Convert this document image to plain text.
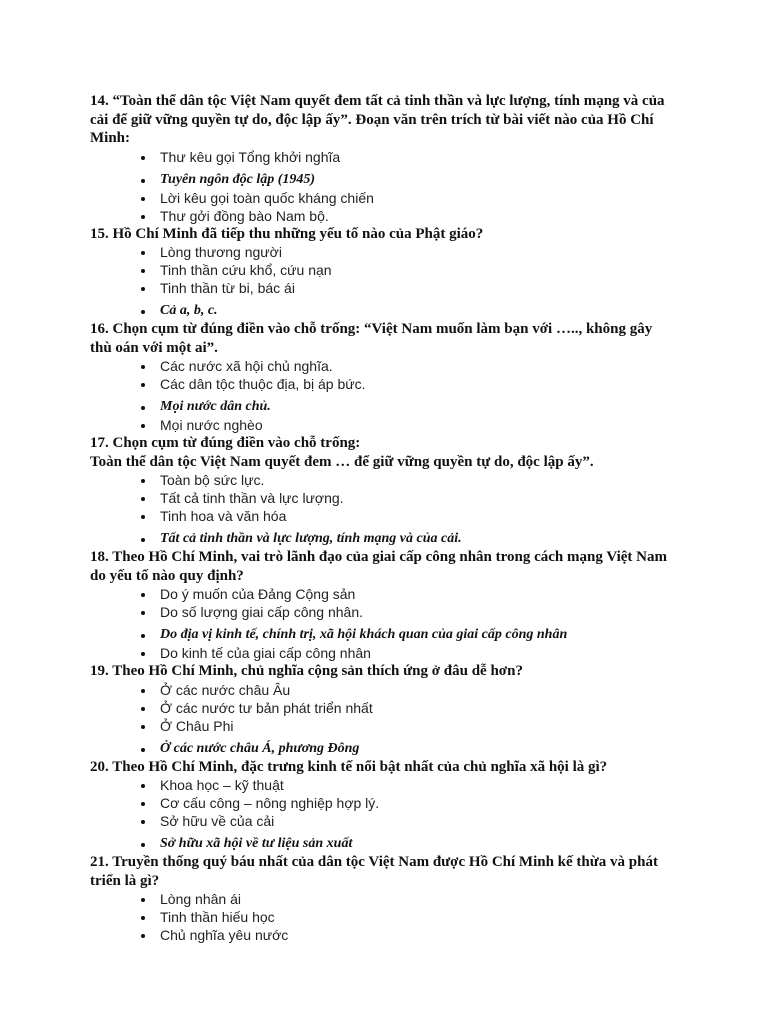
14. “Toàn thể dân tộc Việt Nam quyết đem tất cả tinh thần và lực lượng, tính mạng và của
cải để giữ vững quyền tự do, độc lập ấy”. Đoạn văn trên trích từ bài viết nào của Hồ Chí
Minh:
Thư kêu gọi Tổng khởi nghĩa
Tuyên ngôn độc lập (1945)
Lời kêu gọi toàn quốc kháng chiến
Thư gởi đồng bào Nam bộ.
15. Hồ Chí Minh đã tiếp thu những yếu tố nào của Phật giáo?
Lòng thương người
Tinh thần cứu khổ, cứu nạn
Tinh thần từ bi, bác ái
Cả a, b, c.
16. Chọn cụm từ đúng điền vào chỗ trống: “Việt Nam muốn làm bạn với ….., không gây
thù oán với một ai”.
Các nước xã hội chủ nghĩa.
Các dân tộc thuộc địa, bị áp bức.
Mọi nước dân chủ.
Mọi nước nghèo
17. Chọn cụm từ đúng điền vào chỗ trống:
Toàn thể dân tộc Việt Nam quyết đem … để giữ vững quyền tự do, độc lập ấy”.
Toàn bộ sức lực.
Tất cả tinh thần và lực lượng.
Tinh hoa và văn hóa
Tất cả tinh thần và lực lượng, tính mạng và của cải.
18. Theo Hồ Chí Minh, vai trò lãnh đạo của giai cấp công nhân trong cách mạng Việt Nam
do yếu tố nào quy định?
Do ý muốn của Đảng Cộng sản
Do số lượng giai cấp công nhân.
Do địa vị kinh tế, chính trị, xã hội khách quan của giai cấp công nhân
Do kinh tế của giai cấp công nhân
19. Theo Hồ Chí Minh, chủ nghĩa cộng sản thích ứng ở đâu dễ hơn?
Ở các nước châu Âu
Ở các nước tư bản phát triển nhất
Ở Châu Phi
Ở các nước châu Á, phương Đông
20. Theo Hồ Chí Minh, đặc trưng kinh tế nổi bật nhất của chủ nghĩa xã hội là gì?
Khoa học – kỹ thuật
Cơ cấu công – nông nghiệp hợp lý.
Sở hữu về của cải
Sở hữu xã hội về tư liệu sản xuất
21. Truyền thống quý báu nhất của dân tộc Việt Nam được Hồ Chí Minh kế thừa và phát
triển là gì?
Lòng nhân ái
Tinh thần hiếu học
Chủ nghĩa yêu nước
